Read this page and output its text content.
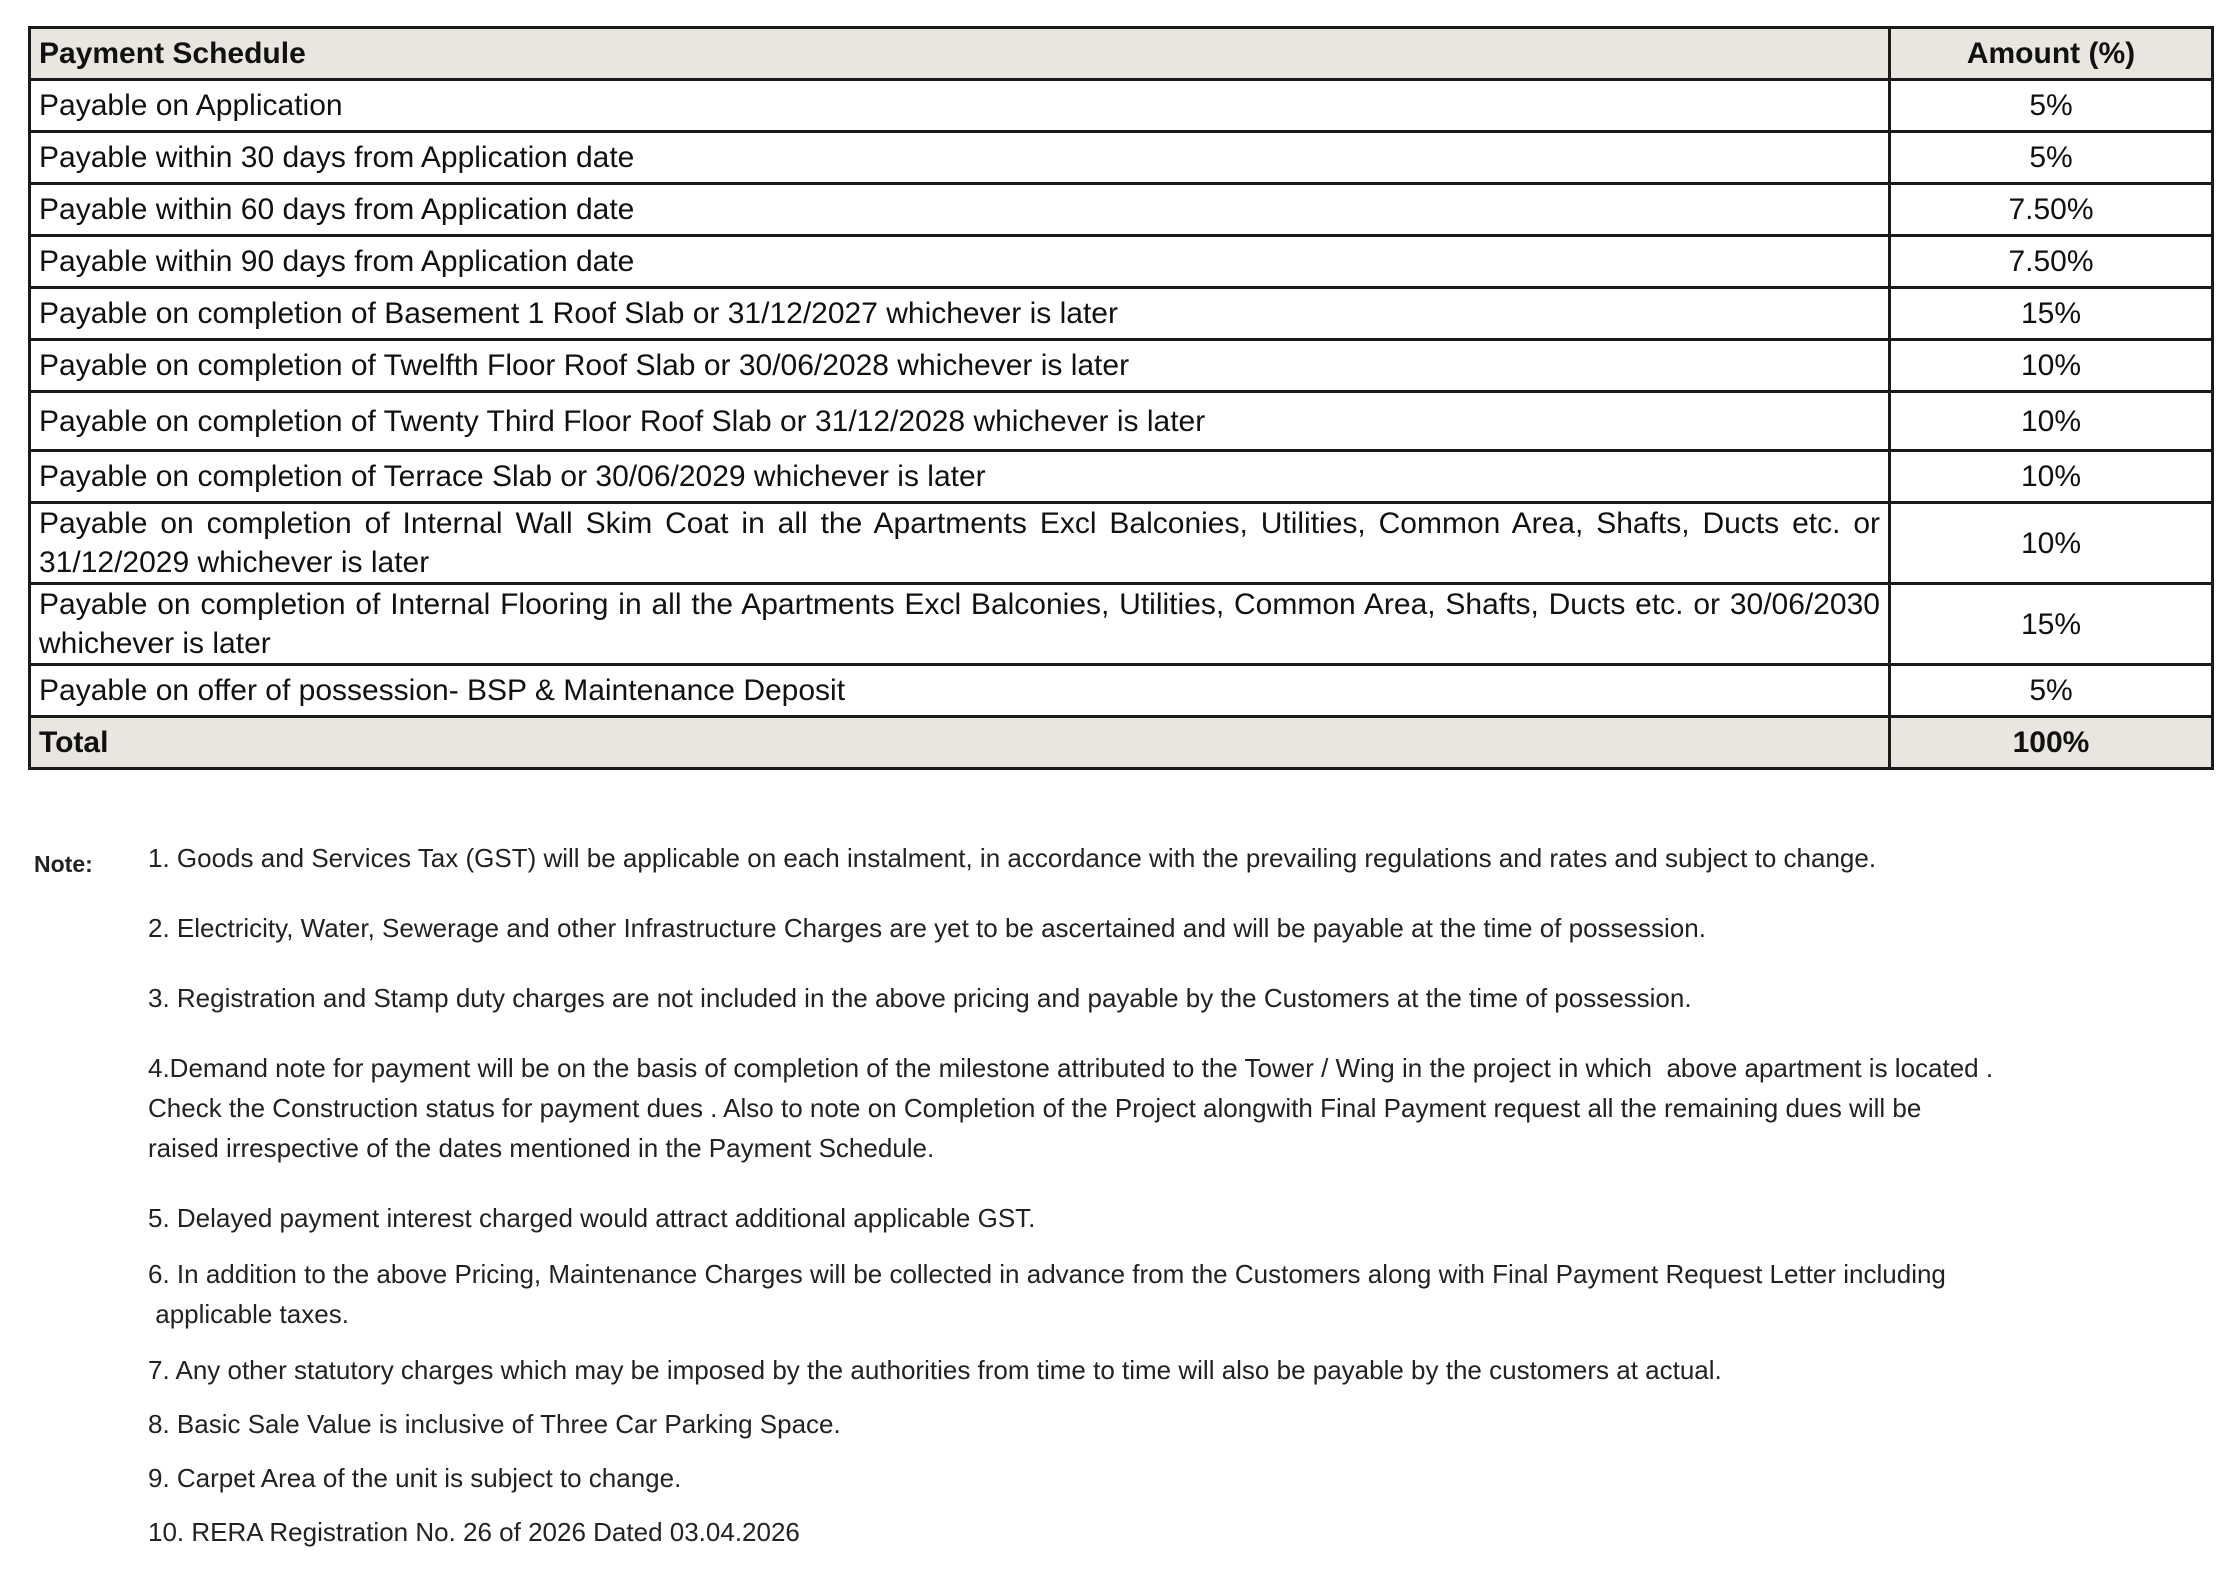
Payment Schedule	Amount (%)
Payable on Application	5%
Payable within 30 days from Application date	5%
Payable within 60 days from Application date	7.50%
Payable within 90 days from Application date	7.50%
Payable on completion of Basement 1 Roof Slab or 31/12/2027 whichever is later	15%
Payable on completion of Twelfth Floor Roof Slab or 30/06/2028 whichever is later	10%
Payable on completion of Twenty Third Floor Roof Slab or 31/12/2028 whichever is later	10%
Payable on completion of Terrace Slab or 30/06/2029 whichever is later	10%
Payable on completion of Internal Wall Skim Coat in all the Apartments Excl Balconies, Utilities, Common Area, Shafts, Ducts etc. or 31/12/2029 whichever is later	10%
Payable on completion of Internal Flooring in all the Apartments Excl Balconies, Utilities, Common Area, Shafts, Ducts etc. or 30/06/2030 whichever is later	15%
Payable on offer of possession- BSP & Maintenance Deposit	5%
Total	100%
Note: 1. Goods and Services Tax (GST) will be applicable on each instalment, in accordance with the prevailing regulations and rates and subject to change.

2. Electricity, Water, Sewerage and other Infrastructure Charges are yet to be ascertained and will be payable at the time of possession.

3. Registration and Stamp duty charges are not included in the above pricing and payable by the Customers at the time of possession.

4.Demand note for payment will be on the basis of completion of the milestone attributed to the Tower / Wing in the project in which  above apartment is located .
Check the Construction status for payment dues . Also to note on Completion of the Project alongwith Final Payment request all the remaining dues will be
raised irrespective of the dates mentioned in the Payment Schedule.

5. Delayed payment interest charged would attract additional applicable GST.

6. In addition to the above Pricing, Maintenance Charges will be collected in advance from the Customers along with Final Payment Request Letter including
applicable taxes.

7. Any other statutory charges which may be imposed by the authorities from time to time will also be payable by the customers at actual.

8. Basic Sale Value is inclusive of Three Car Parking Space.

9. Carpet Area of the unit is subject to change.

10. RERA Registration No. 26 of 2026 Dated 03.04.2026
